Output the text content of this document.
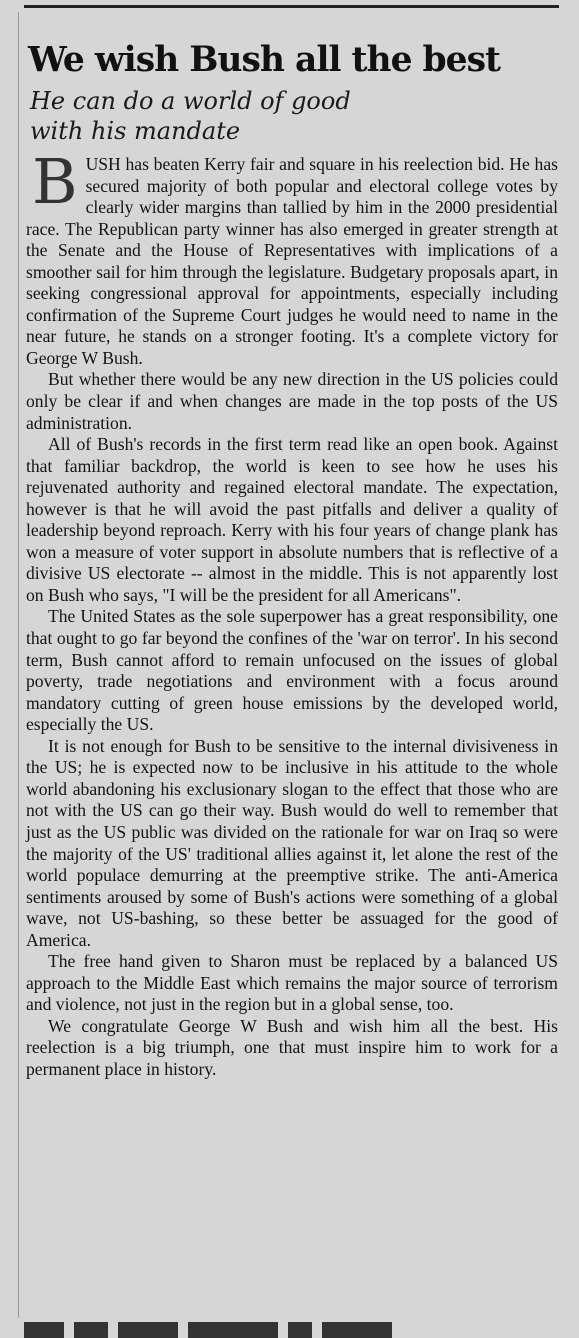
We wish Bush all the best
He can do a world of good
with his mandate

BUSH has beaten Kerry fair and square in his reelection bid. He has secured majority of both popular and electoral college votes by clearly wider margins than tallied by him in the 2000 presidential race. The Republican party winner has also emerged in greater strength at the Senate and the House of Representatives with implications of a smoother sail for him through the legislature. Budgetary proposals apart, in seeking congressional approval for appointments, especially including confirmation of the Supreme Court judges he would need to name in the near future, he stands on a stronger footing. It's a complete victory for George W Bush.

But whether there would be any new direction in the US policies could only be clear if and when changes are made in the top posts of the US administration.

All of Bush's records in the first term read like an open book. Against that familiar backdrop, the world is keen to see how he uses his rejuvenated authority and regained electoral mandate. The expectation, however is that he will avoid the past pitfalls and deliver a quality of leadership beyond reproach. Kerry with his four years of change plank has won a measure of voter support in absolute numbers that is reflective of a divisive US electorate -- almost in the middle. This is not apparently lost on Bush who says, "I will be the president for all Americans".

The United States as the sole superpower has a great responsibility, one that ought to go far beyond the confines of the 'war on terror'. In his second term, Bush cannot afford to remain unfocused on the issues of global poverty, trade negotiations and environment with a focus around mandatory cutting of green house emissions by the developed world, especially the US.

It is not enough for Bush to be sensitive to the internal divisiveness in the US; he is expected now to be inclusive in his attitude to the whole world abandoning his exclusionary slogan to the effect that those who are not with the US can go their way. Bush would do well to remember that just as the US public was divided on the rationale for war on Iraq so were the majority of the US' traditional allies against it, let alone the rest of the world populace demurring at the preemptive strike. The anti-America sentiments aroused by some of Bush's actions were something of a global wave, not US-bashing, so these better be assuaged for the good of America.

The free hand given to Sharon must be replaced by a balanced US approach to the Middle East which remains the major source of terrorism and violence, not just in the region but in a global sense, too.

We congratulate George W Bush and wish him all the best. His reelection is a big triumph, one that must inspire him to work for a permanent place in history.
